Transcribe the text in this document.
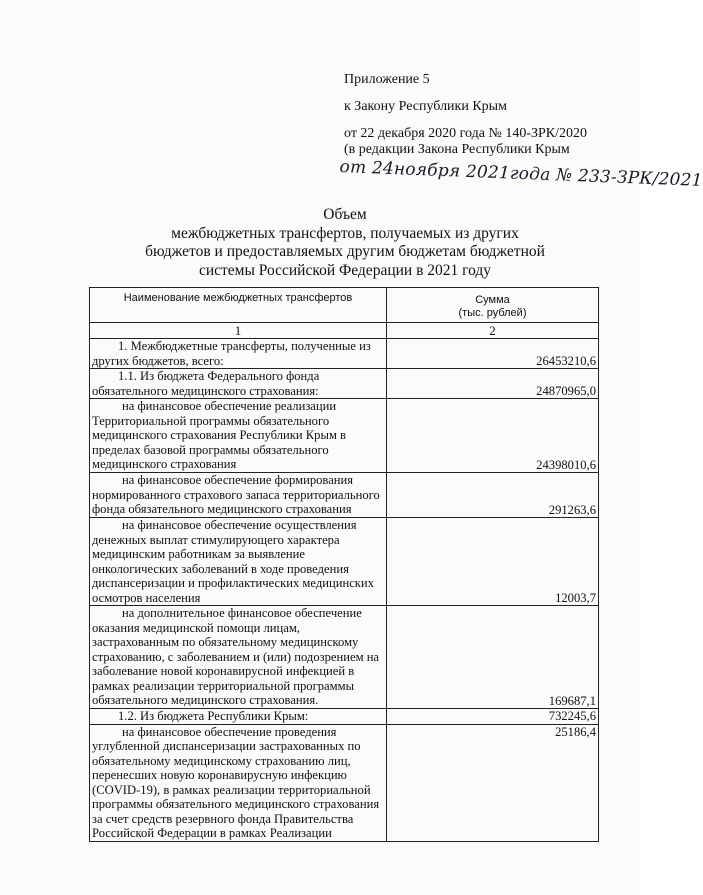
Приложение 5
к Закону Республики Крым
от 22 декабря 2020 года № 140-ЗРК/2020
(в редакции Закона Республики Крым
от 24ноября 2021года № 233-ЗРК/2021
Объем
межбюджетных трансфертов, получаемых из других
бюджетов и предоставляемых другим бюджетам бюджетной
системы Российской Федерации в 2021 году
Наименование межбюджетных трансфертов	Сумма
(тыс. рублей)

1	2
1. Межбюджетные трансферты, полученные из других бюджетов, всего:	26453210,6
1.1. Из бюджета Федерального фонда обязательного медицинского страхования:	24870965,0
на финансовое обеспечение реализации Территориальной программы обязательного медицинского страхования Республики Крым в пределах базовой программы обязательного медицинского страхования	24398010,6
на финансовое обеспечение формирования нормированного страхового запаса территориального фонда обязательного медицинского страхования	291263,6
на финансовое обеспечение осуществления денежных выплат стимулирующего характера медицинским работникам за выявление онкологических заболеваний в ходе проведения диспансеризации и профилактических медицинских осмотров населения	12003,7
на дополнительное финансовое обеспечение оказания медицинской помощи лицам, застрахованным по обязательному медицинскому страхованию, с заболеванием и (или) подозрением на заболевание новой коронавирусной инфекцией в рамках реализации территориальной программы обязательного медицинского страхования.	169687,1
1.2. Из бюджета Республики Крым:	732245,6
на финансовое обеспечение проведения углубленной диспансеризации застрахованных по обязательному медицинскому страхованию лиц, перенесших новую коронавирусную инфекцию (COVID-19), в рамках реализации территориальной программы обязательного медицинского страхования за счет средств резервного фонда Правительства Российской Федерации в рамках Реализации	25186,4
